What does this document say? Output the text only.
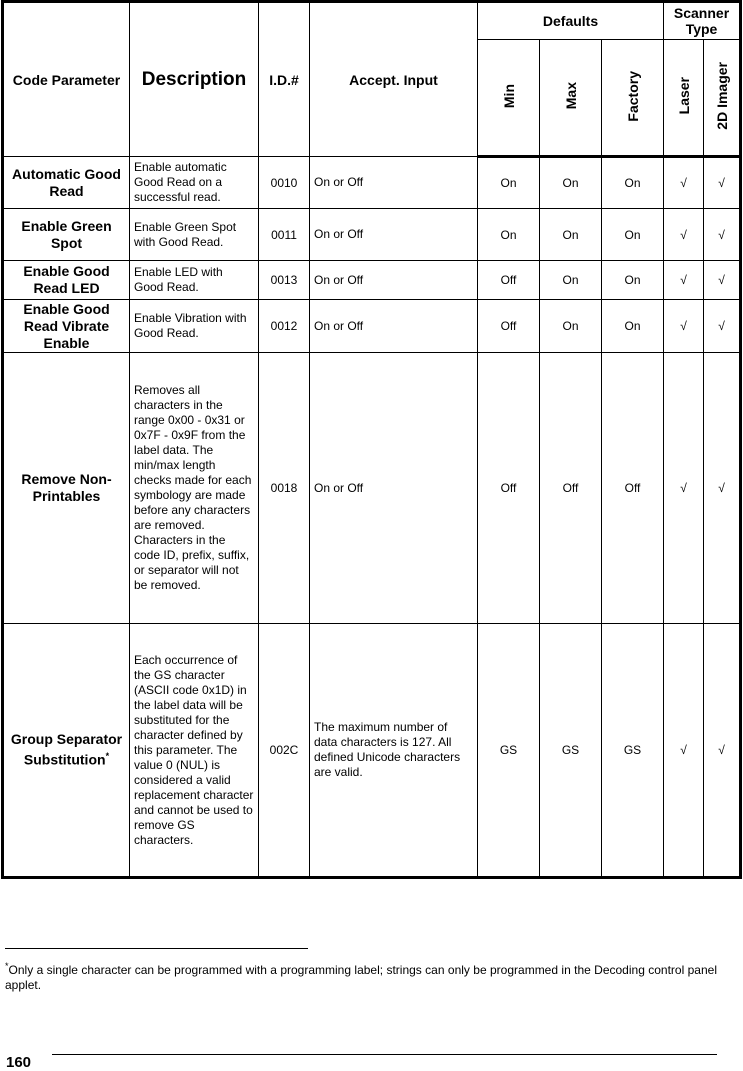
Code Parameter	Description	I.D.#	Accept. Input	Defaults			Scanner Type	
				Min	Max	Factory	Laser	2D Imager
Automatic Good Read	Enable automatic Good Read on a successful read.	0010	On or Off	On	On	On	√	√
Enable Green Spot	Enable Green Spot with Good Read.	0011	On or Off	On	On	On	√	√
Enable Good Read LED	Enable LED with Good Read.	0013	On or Off	Off	On	On	√	√
Enable Good Read Vibrate Enable	Enable Vibration with Good Read.	0012	On or Off	Off	On	On	√	√
Remove Non-Printables	Removes all characters in the range 0x00 - 0x31 or 0x7F - 0x9F from the label data. The min/max length checks made for each symbology are made before any characters are removed. Characters in the code ID, prefix, suffix, or separator will not be removed.	0018	On or Off	Off	Off	Off	√	√
Group Separator Substitution*	Each occurrence of the GS character (ASCII code 0x1D) in the label data will be substituted for the character defined by this parameter. The value 0 (NUL) is considered a valid replacement character and cannot be used to remove GS characters.	002C	The maximum number of data characters is 127. All defined Unicode characters are valid.	GS	GS	GS	√	√
*Only a single character can be programmed with a programming label; strings can only be programmed in the Decoding control panel applet.
160
